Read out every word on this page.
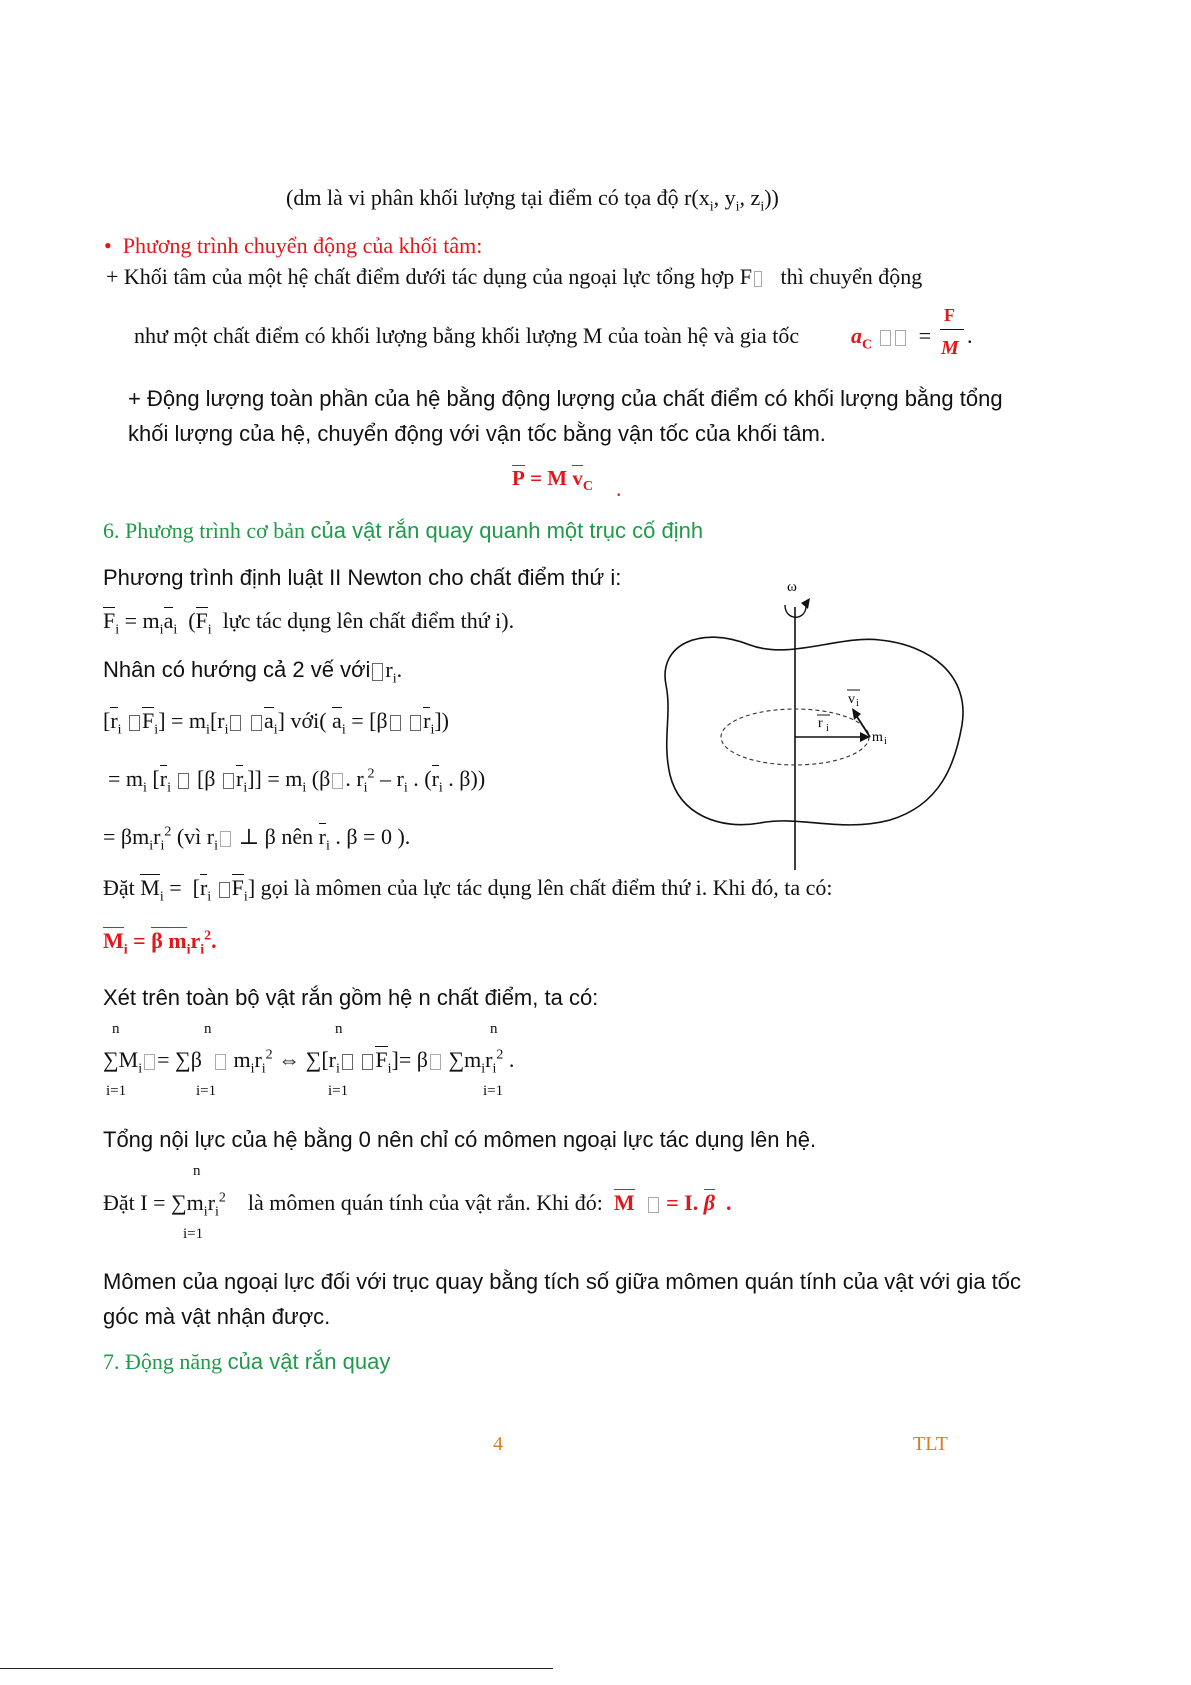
(dm là vi phân khối lượng tại điểm có tọa độ $r(x_i$, $y_i$, $z_i$))
•  Phương trình chuyển động của khối tâm:
+ Khối tâm của một hệ chất điểm dưới tác dụng của ngoại lực tổng hợp F thì chuyển động
như một chất điểm có khối lượng bằng khối lượng M của toàn hệ và gia tốc $a_C$   =
F
M .
+ Động lượng toàn phần của hệ bằng động lượng của chất điểm có khối lượng bằng tổng
khối lượng của hệ, chuyển động với vận tốc bằng vận tốc của khối tâm.
P = M $v_C$ .
6. Phương trình cơ bản của vật rắn quay quanh một trục cố định
Phương trình định luật II Newton cho chất điểm thứ i:
$F_i = m_ia_i$  ($F_i$ lực tác dụng lên chất điểm thứ i).
Nhân có hướng cả 2 vế với $r_i$.
[$r_i$ $F_i] = m_i[r_i$ $a_i$] với( $a_i = [\beta$ $r_i$])
= $m_i$ [$r_i$  [β $r_i]] = m_i$ (β . $r_i^2 - r_i$ . ($r_i$ . β))
= $\beta m_ir_i^2$ (vì $r_i$ ⊥ β nên $r_i$ . β = 0 ).
Đặt $M_i = [r_i$ $F_i$] gọi là mômen của lực tác dụng lên chất điểm thứ i. Khi đó, ta có:
$M_i = \beta$ $m_ir_i^2$.
Xét trên toàn bộ vật rắn gồm hệ n chất điểm, ta có:
n	n	n	n
$\sum M_i = \sum\beta$   $m_ir_i^2$ ⇔ $\sum[r_i$ $F_i]= \beta$ $\sum m_ir_i^2$ .
i=1	i=1	i=1	i=1
Tổng nội lực của hệ bằng 0 nên chỉ có mômen ngoại lực tác dụng lên hệ.
n
Đặt $I = \sum m_ir_i^2$ là mômen quán tính của vật rắn. Khi đó: M = I. β  .
i=1
Mômen của ngoại lực đối với trục quay bằng tích số giữa mômen quán tính của vật với gia tốc
góc mà vật nhận được.
7. Động năng của vật rắn quay
ω
r i
v i
m i
4	TLT
